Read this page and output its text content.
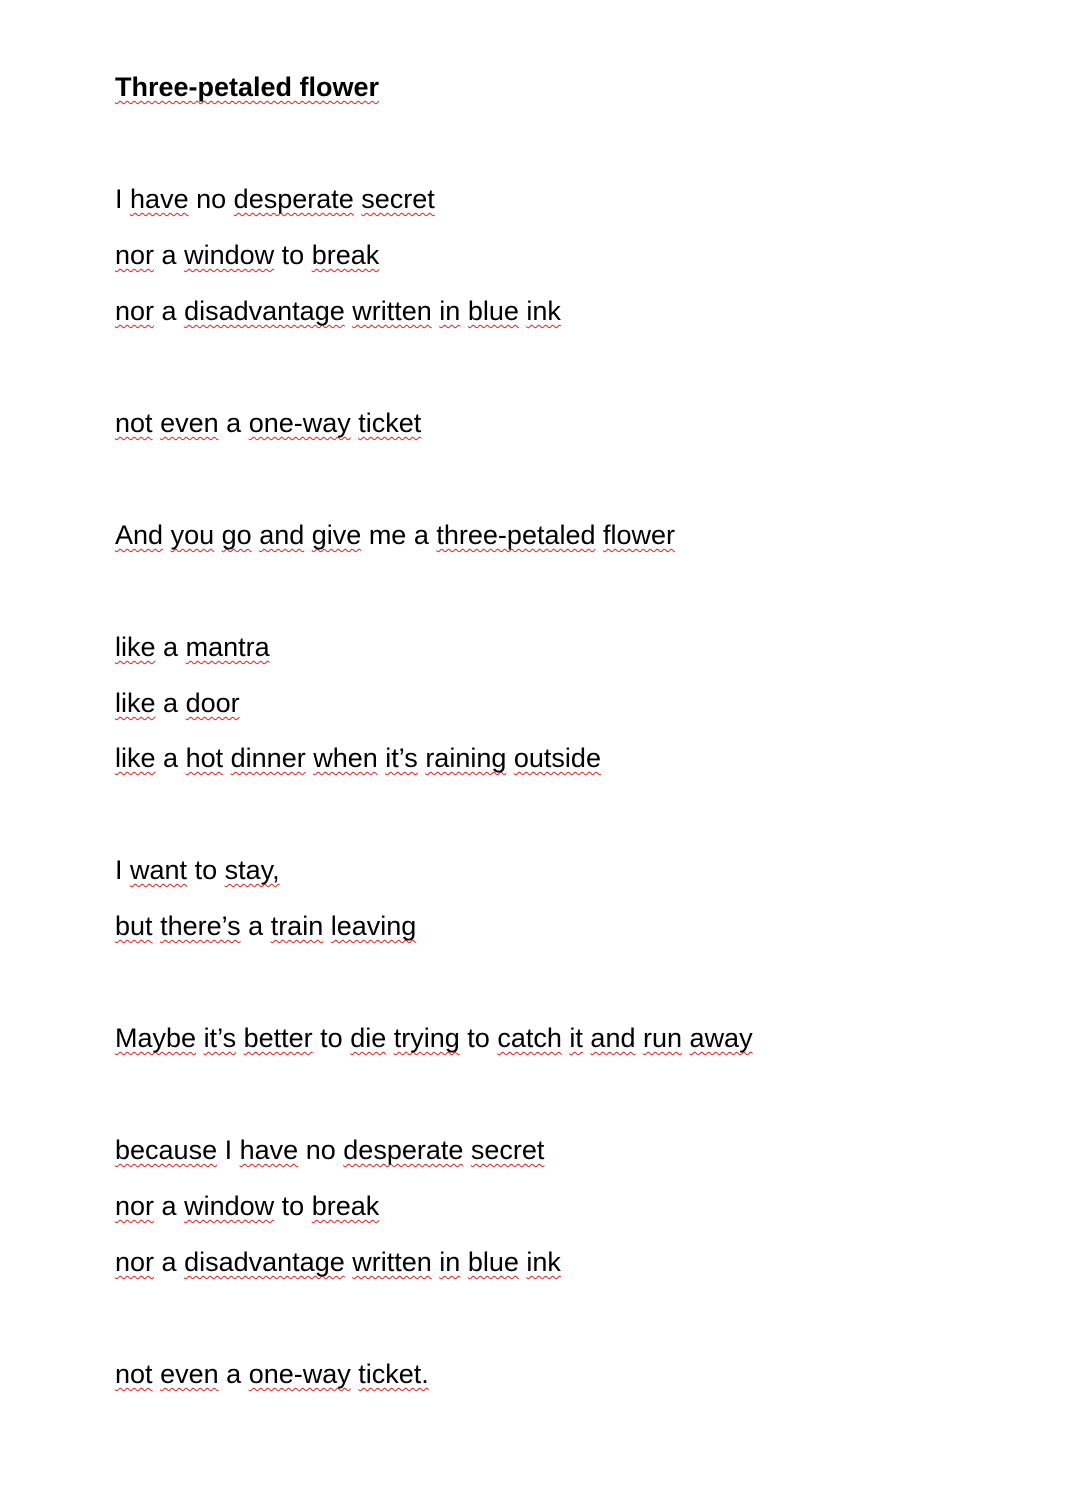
Three-petaled flower

I have no desperate secret

nor a window to break

nor a disadvantage written in blue ink

not even a one-way ticket

And you go and give me a three-petaled flower

like a mantra

like a door

like a hot dinner when it’s raining outside

I want to stay,

but there’s a train leaving

Maybe it’s better to die trying to catch it and run away

because I have no desperate secret

nor a window to break

nor a disadvantage written in blue ink

not even a one-way ticket.
